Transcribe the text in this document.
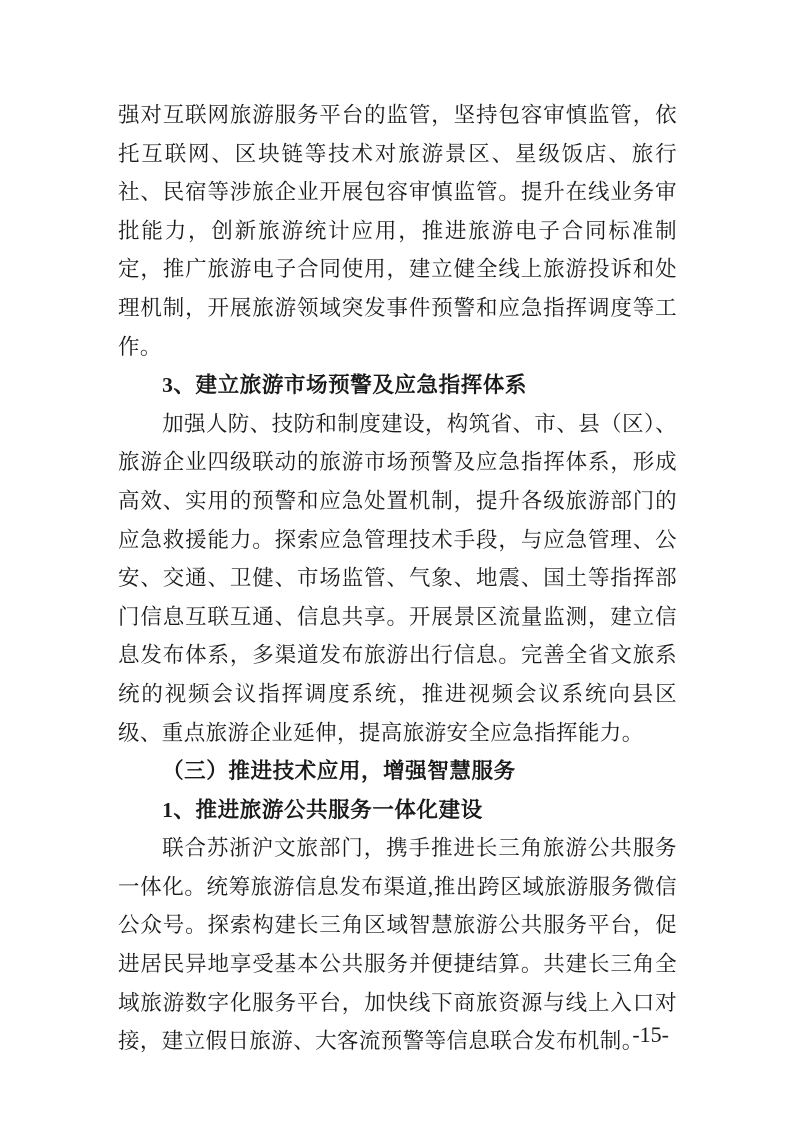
强对互联网旅游服务平台的监管，坚持包容审慎监管，依托互联网、区块链等技术对旅游景区、星级饭店、旅行社、民宿等涉旅企业开展包容审慎监管。提升在线业务审批能力，创新旅游统计应用，推进旅游电子合同标准制定，推广旅游电子合同使用，建立健全线上旅游投诉和处理机制，开展旅游领域突发事件预警和应急指挥调度等工作。

3、建立旅游市场预警及应急指挥体系

加强人防、技防和制度建设，构筑省、市、县（区）、旅游企业四级联动的旅游市场预警及应急指挥体系，形成高效、实用的预警和应急处置机制，提升各级旅游部门的应急救援能力。探索应急管理技术手段，与应急管理、公安、交通、卫健、市场监管、气象、地震、国土等指挥部门信息互联互通、信息共享。开展景区流量监测，建立信息发布体系，多渠道发布旅游出行信息。完善全省文旅系统的视频会议指挥调度系统，推进视频会议系统向县区级、重点旅游企业延伸，提高旅游安全应急指挥能力。

（三）推进技术应用，增强智慧服务

1、推进旅游公共服务一体化建设

联合苏浙沪文旅部门，携手推进长三角旅游公共服务一体化。统筹旅游信息发布渠道,推出跨区域旅游服务微信公众号。探索构建长三角区域智慧旅游公共服务平台，促进居民异地享受基本公共服务并便捷结算。共建长三角全域旅游数字化服务平台，加快线下商旅资源与线上入口对接，建立假日旅游、大客流预警等信息联合发布机制。

-15-
